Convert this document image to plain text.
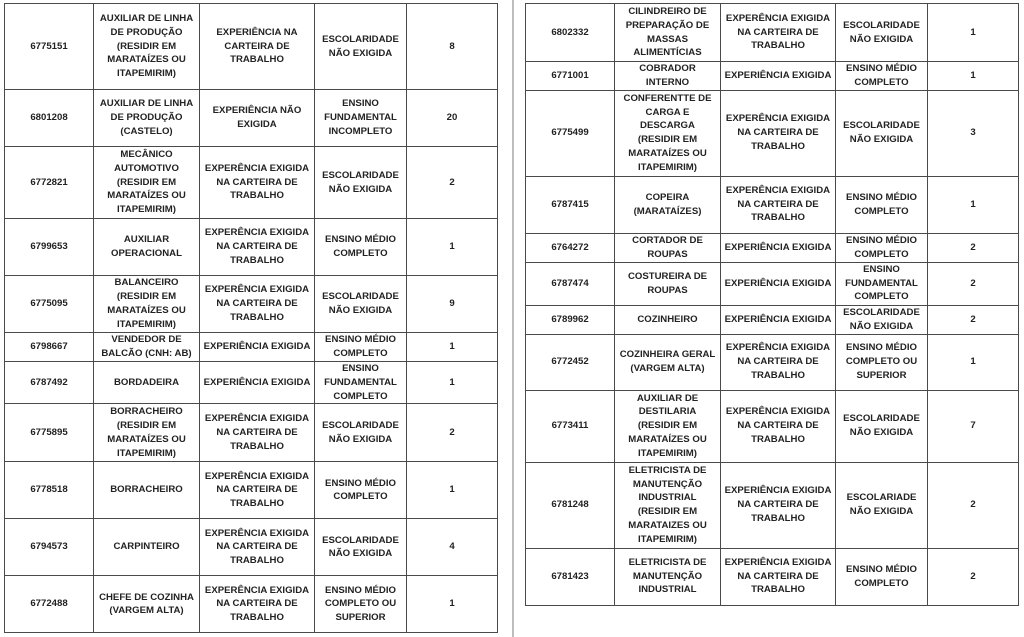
6775151	AUXILIAR DE LINHA DE PRODUÇÃO (RESIDIR EM MARATAÍZES OU ITAPEMIRIM)	EXPERIÊNCIA NA CARTEIRA DE TRABALHO	ESCOLARIDADE NÃO EXIGIDA	8
6801208	AUXILIAR DE LINHA DE PRODUÇÃO (CASTELO)	EXPERIÊNCIA NÃO EXIGIDA	ENSINO FUNDAMENTAL INCOMPLETO	20
6772821	MECÂNICO AUTOMOTIVO (RESIDIR EM MARATAÍZES OU ITAPEMIRIM)	EXPERÊNCIA EXIGIDA NA CARTEIRA DE TRABALHO	ESCOLARIDADE NÃO EXIGIDA	2
6799653	AUXILIAR OPERACIONAL	EXPERÊNCIA EXIGIDA NA CARTEIRA DE TRABALHO	ENSINO MÉDIO COMPLETO	1
6775095	BALANCEIRO (RESIDIR EM MARATAÍZES OU ITAPEMIRIM)	EXPERÊNCIA EXIGIDA NA CARTEIRA DE TRABALHO	ESCOLARIDADE NÃO EXIGIDA	9
6798667	VENDEDOR DE BALCÃO (CNH: AB)	EXPERIÊNCIA EXIGIDA	ENSINO MÉDIO COMPLETO	1
6787492	BORDADEIRA	EXPERIÊNCIA EXIGIDA	ENSINO FUNDAMENTAL COMPLETO	1
6775895	BORRACHEIRO (RESIDIR EM MARATAÍZES OU ITAPEMIRIM)	EXPERÊNCIA EXIGIDA NA CARTEIRA DE TRABALHO	ESCOLARIDADE NÃO EXIGIDA	2
6778518	BORRACHEIRO	EXPERÊNCIA EXIGIDA NA CARTEIRA DE TRABALHO	ENSINO MÉDIO COMPLETO	1
6794573	CARPINTEIRO	EXPERÊNCIA EXIGIDA NA CARTEIRA DE TRABALHO	ESCOLARIDADE NÃO EXIGIDA	4
6772488	CHEFE DE COZINHA (VARGEM ALTA)	EXPERÊNCIA EXIGIDA NA CARTEIRA DE TRABALHO	ENSINO MÉDIO COMPLETO OU SUPERIOR	1
6802332	CILINDREIRO DE PREPARAÇÃO DE MASSAS ALIMENTÍCIAS	EXPERÊNCIA EXIGIDA NA CARTEIRA DE TRABALHO	ESCOLARIDADE NÃO EXIGIDA	1
6771001	COBRADOR INTERNO	EXPERIÊNCIA EXIGIDA	ENSINO MÉDIO COMPLETO	1
6775499	CONFERENTTE DE CARGA E DESCARGA (RESIDIR EM MARATAÍZES OU ITAPEMIRIM)	EXPERÊNCIA EXIGIDA NA CARTEIRA DE TRABALHO	ESCOLARIDADE NÃO EXIGIDA	3
6787415	COPEIRA (MARATAÍZES)	EXPERÊNCIA EXIGIDA NA CARTEIRA DE TRABALHO	ENSINO MÉDIO COMPLETO	1
6764272	CORTADOR DE ROUPAS	EXPERIÊNCIA EXIGIDA	ENSINO MÉDIO COMPLETO	2
6787474	COSTUREIRA DE ROUPAS	EXPERIÊNCIA EXIGIDA	ENSINO FUNDAMENTAL COMPLETO	2
6789962	COZINHEIRO	EXPERIÊNCIA EXIGIDA	ESCOLARIDADE NÃO EXIGIDA	2
6772452	COZINHEIRA GERAL (VARGEM ALTA)	EXPERÊNCIA EXIGIDA NA CARTEIRA DE TRABALHO	ENSINO MÉDIO COMPLETO OU SUPERIOR	1
6773411	AUXILIAR DE DESTILARIA (RESIDIR EM MARATAÍZES OU ITAPEMIRIM)	EXPERÊNCIA EXIGIDA NA CARTEIRA DE TRABALHO	ESCOLARIDADE NÃO EXIGIDA	7
6781248	ELETRICISTA DE MANUTENÇÃO INDUSTRIAL (RESIDIR EM MARATAIZES OU ITAPEMIRIM)	EXPERIÊNCIA EXIGIDA NA CARTEIRA DE TRABALHO	ESCOLARIADE NÃO EXIGIDA	2
6781423	ELETRICISTA DE MANUTENÇÃO INDUSTRIAL	EXPERIÊNCIA EXIGIDA NA CARTEIRA DE TRABALHO	ENSINO MÉDIO COMPLETO	2
